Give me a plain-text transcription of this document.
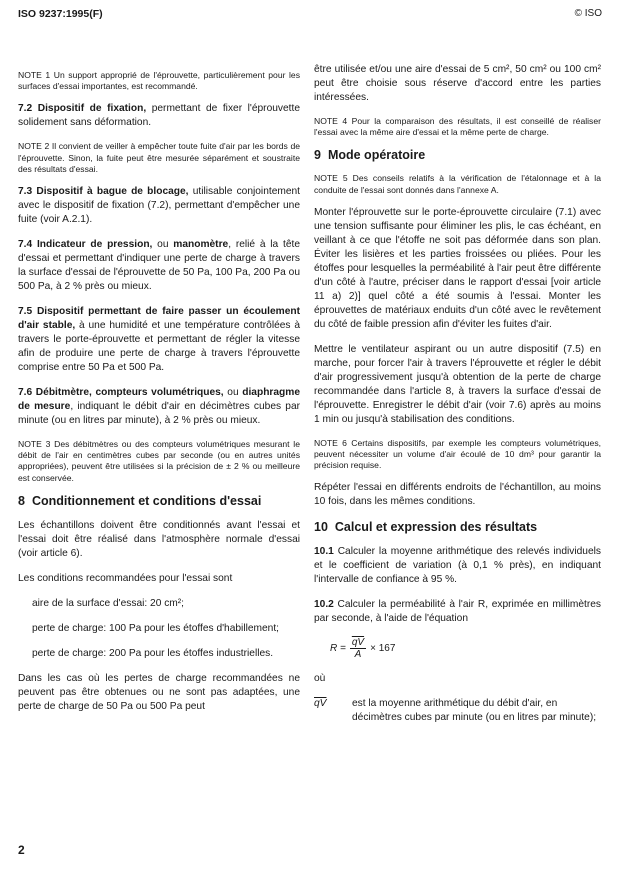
ISO 9237:1995(F)	© ISO

NOTE 1 Un support approprié de l'éprouvette, particulièrement pour les surfaces d'essai importantes, est recommandé.

7.2 Dispositif de fixation, permettant de fixer l'éprouvette solidement sans déformation.

NOTE 2 Il convient de veiller à empêcher toute fuite d'air par les bords de l'éprouvette. Sinon, la fuite peut être mesurée séparément et soustraite des résultats d'essai.

7.3 Dispositif à bague de blocage, utilisable conjointement avec le dispositif de fixation (7.2), permettant d'empêcher une fuite (voir A.2.1).

7.4 Indicateur de pression, ou manomètre, relié à la tête d'essai et permettant d'indiquer une perte de charge à travers la surface d'essai de l'éprouvette de 50 Pa, 100 Pa, 200 Pa ou 500 Pa, à 2 % près ou mieux.

7.5 Dispositif permettant de faire passer un écoulement d'air stable, à une humidité et une température contrôlées à travers le porte-éprouvette et permettant de régler la vitesse afin de produire une perte de charge à travers l'éprouvette comprise entre 50 Pa et 500 Pa.

7.6 Débitmètre, compteurs volumétriques, ou diaphragme de mesure, indiquant le débit d'air en décimètres cubes par minute (ou en litres par minute), à 2 % près ou mieux.

NOTE 3 Des débitmètres ou des compteurs volumétriques mesurant le débit de l'air en centimètres cubes par seconde (ou en autres unités appropriées), peuvent être utilisées si la précision de ± 2 % ou meilleure est conservée.

8 Conditionnement et conditions d'essai

Les échantillons doivent être conditionnés avant l'essai et l'essai doit être réalisé dans l'atmosphère normale d'essai (voir article 6).

Les conditions recommandées pour l'essai sont

aire de la surface d'essai: 20 cm²;

perte de charge: 100 Pa pour les étoffes d'habillement;

perte de charge: 200 Pa pour les étoffes industrielles.

Dans les cas où les pertes de charge recommandées ne peuvent pas être obtenues ou ne sont pas adaptées, une perte de charge de 50 Pa ou 500 Pa peut

être utilisée et/ou une aire d'essai de 5 cm², 50 cm² ou 100 cm² peut être choisie sous réserve d'accord entre les parties intéressées.

NOTE 4 Pour la comparaison des résultats, il est conseillé de réaliser l'essai avec la même aire d'essai et la même perte de charge.

9 Mode opératoire

NOTE 5 Des conseils relatifs à la vérification de l'étalonnage et à la conduite de l'essai sont donnés dans l'annexe A.

Monter l'éprouvette sur le porte-éprouvette circulaire (7.1) avec une tension suffisante pour éliminer les plis, le cas échéant, en veillant à ce que l'étoffe ne soit pas déformée dans son plan. Éviter les lisières et les parties froissées ou pliées. Pour les étoffes pour lesquelles la perméabilité à l'air peut être différente d'un côté à l'autre, préciser dans le rapport d'essai [voir article 11 a) 2)] quel côté a été soumis à l'essai. Monter les éprouvettes de matériaux enduits d'un côté avec le revêtement du côté de faible pression afin d'éviter les fuites d'air.

Mettre le ventilateur aspirant ou un autre dispositif (7.5) en marche, pour forcer l'air à travers l'éprouvette et régler le débit d'air progressivement jusqu'à obtention de la perte de charge recommandée dans l'article 8, à travers la surface d'essai de l'éprouvette. Enregistrer le débit d'air (voir 7.6) après au moins 1 min ou jusqu'à stabilisation des conditions.

NOTE 6 Certains dispositifs, par exemple les compteurs volumétriques, peuvent nécessiter un volume d'air écoulé de 10 dm³ pour garantir la précision requise.

Répéter l'essai en différents endroits de l'échantillon, au moins 10 fois, dans les mêmes conditions.

10 Calcul et expression des résultats

10.1 Calculer la moyenne arithmétique des relevés individuels et le coefficient de variation (à 0,1 % près), en indiquant l'intervalle de confiance à 95 %.

10.2 Calculer la perméabilité à l'air R, exprimée en millimètres par seconde, à l'aide de l'équation

$R = \frac{\overline{qV}}{A} \times 167$

où

$\overline{qV}$	est la moyenne arithmétique du débit d'air, en décimètres cubes par minute (ou en litres par minute);
2
